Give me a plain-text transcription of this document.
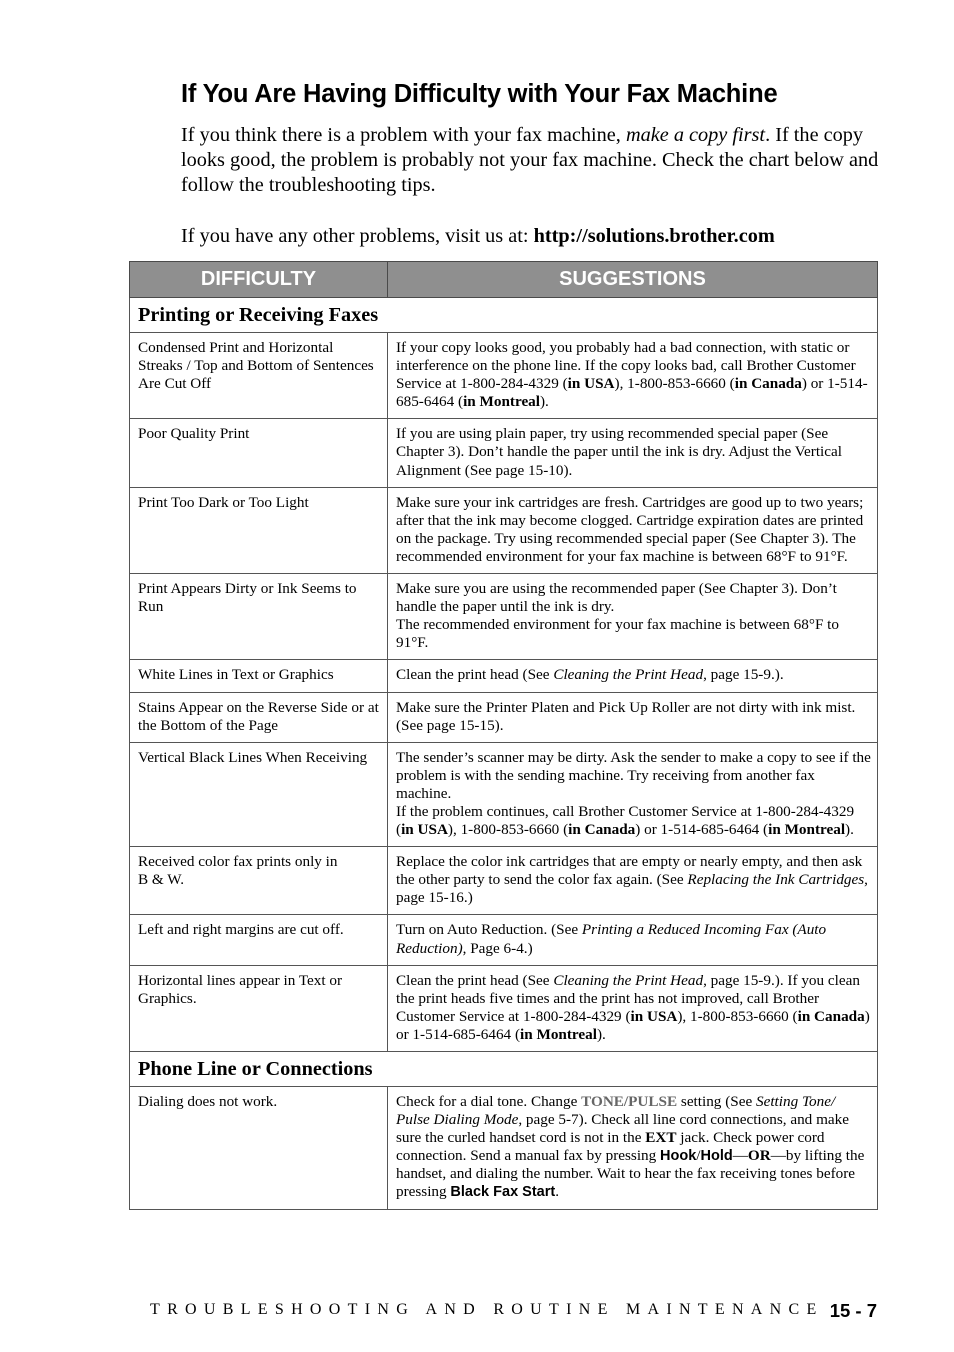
If You Are Having Difficulty with Your Fax Machine

If you think there is a problem with your fax machine, make a copy first. If the copy looks good, the problem is probably not your fax machine. Check the chart below and follow the troubleshooting tips.

If you have any other problems, visit us at: http://solutions.brother.com

DIFFICULTY	SUGGESTIONS
Printing or Receiving Faxes	
Condensed Print and Horizontal Streaks / Top and Bottom of Sentences Are Cut Off	If your copy looks good, you probably had a bad connection, with static or interference on the phone line. If the copy looks bad, call Brother Customer Service at 1-800-284-4329 (in USA), 1-800-853-6660 (in Canada) or 1-514-685-6464 (in Montreal).
Poor Quality Print	If you are using plain paper, try using recommended special paper (See Chapter 3). Don’t handle the paper until the ink is dry. Adjust the Vertical Alignment (See page 15-10).
Print Too Dark or Too Light	Make sure your ink cartridges are fresh. Cartridges are good up to two years; after that the ink may become clogged. Cartridge expiration dates are printed on the package. Try using recommended special paper (See Chapter 3). The recommended environment for your fax machine is between 68°F to 91°F.
Print Appears Dirty or Ink Seems to Run	Make sure you are using the recommended paper (See Chapter 3). Don’t handle the paper until the ink is dry.
The recommended environment for your fax machine is between 68°F to 91°F.
White Lines in Text or Graphics	Clean the print head (See Cleaning the Print Head, page 15-9.).
Stains Appear on the Reverse Side or at the Bottom of the Page	Make sure the Printer Platen and Pick Up Roller are not dirty with ink mist. (See page 15-15).
Vertical Black Lines When Receiving	The sender’s scanner may be dirty. Ask the sender to make a copy to see if the problem is with the sending machine. Try receiving from another fax machine.
If the problem continues, call Brother Customer Service at 1-800-284-4329 (in USA), 1-800-853-6660 (in Canada) or 1-514-685-6464 (in Montreal).
Received color fax prints only in
B & W.	Replace the color ink cartridges that are empty or nearly empty, and then ask the other party to send the color fax again. (See Replacing the Ink Cartridges, page 15-16.)
Left and right margins are cut off.	Turn on Auto Reduction. (See Printing a Reduced Incoming Fax (Auto Reduction), Page 6-4.)
Horizontal lines appear in Text or Graphics.	Clean the print head (See Cleaning the Print Head, page 15-9.). If you clean the print heads five times and the print has not improved, call Brother Customer Service at 1-800-284-4329 (in USA), 1-800-853-6660 (in Canada) or 1-514-685-6464 (in Montreal).
Phone Line or Connections	
Dialing does not work.	Check for a dial tone. Change TONE/PULSE setting (See Setting Tone/ Pulse Dialing Mode, page 5-7). Check all line cord connections, and make sure the curled handset cord is not in the EXT jack. Check power cord connection. Send a manual fax by pressing Hook/Hold—OR—by lifting the handset, and dialing the number. Wait to hear the fax receiving tones before pressing Black Fax Start.
TROUBLESHOOTING AND ROUTINE MAINTENANCE 15 - 7
